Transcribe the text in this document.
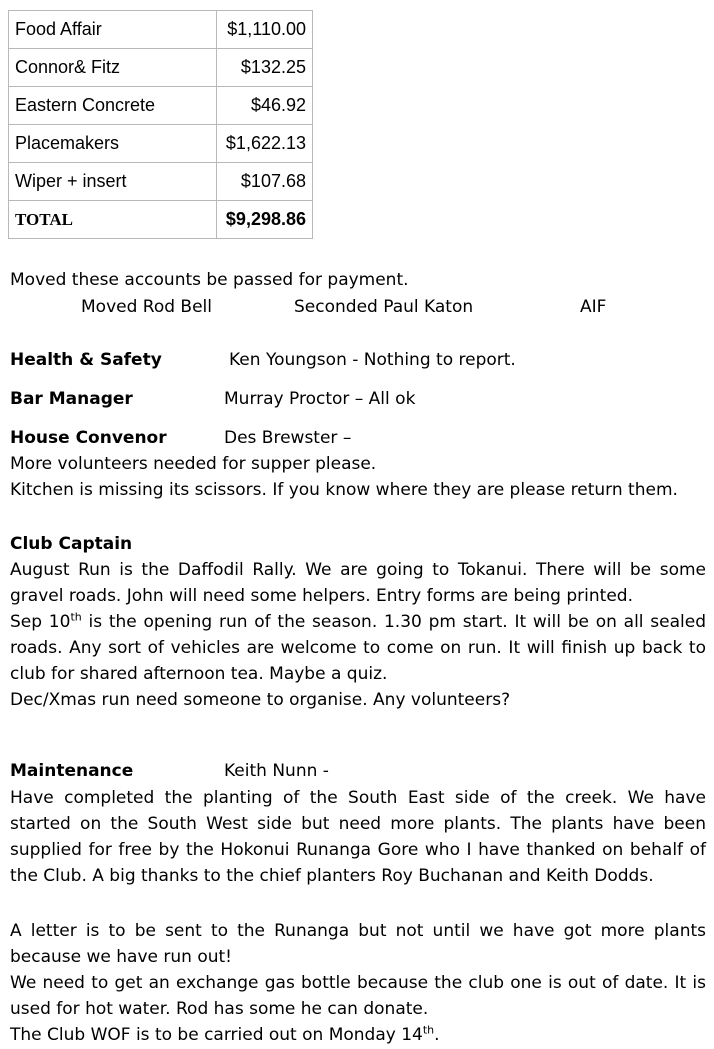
Food Affair	$1,110.00
Connor& Fitz	$132.25
Eastern Concrete	$46.92
Placemakers	$1,622.13
Wiper + insert	$107.68
TOTAL	$9,298.86
Moved these accounts be passed for payment.
Moved Rod Bell	Seconded Paul Katon	AIF
Health & Safety	Ken Youngson - Nothing to report.
Bar Manager	Murray Proctor – All ok
House Convenor	Des Brewster –
More volunteers needed for supper please.
Kitchen is missing its scissors. If you know where they are please return them.
Club Captain
August Run is the Daffodil Rally. We are going to Tokanui. There will be some gravel roads. John will need some helpers. Entry forms are being printed.
Sep 10th is the opening run of the season. 1.30 pm start. It will be on all sealed roads. Any sort of vehicles are welcome to come on run. It will finish up back to club for shared afternoon tea. Maybe a quiz.
Dec/Xmas run need someone to organise. Any volunteers?
Maintenance	Keith Nunn -
Have completed the planting of the South East side of the creek. We have started on the South West side but need more plants. The plants have been supplied for free by the Hokonui Runanga Gore who I have thanked on behalf of the Club. A big thanks to the chief planters Roy Buchanan and Keith Dodds.
A letter is to be sent to the Runanga but not until we have got more plants because we have run out!
We need to get an exchange gas bottle because the club one is out of date. It is used for hot water. Rod has some he can donate.
The Club WOF is to be carried out on Monday 14th.
